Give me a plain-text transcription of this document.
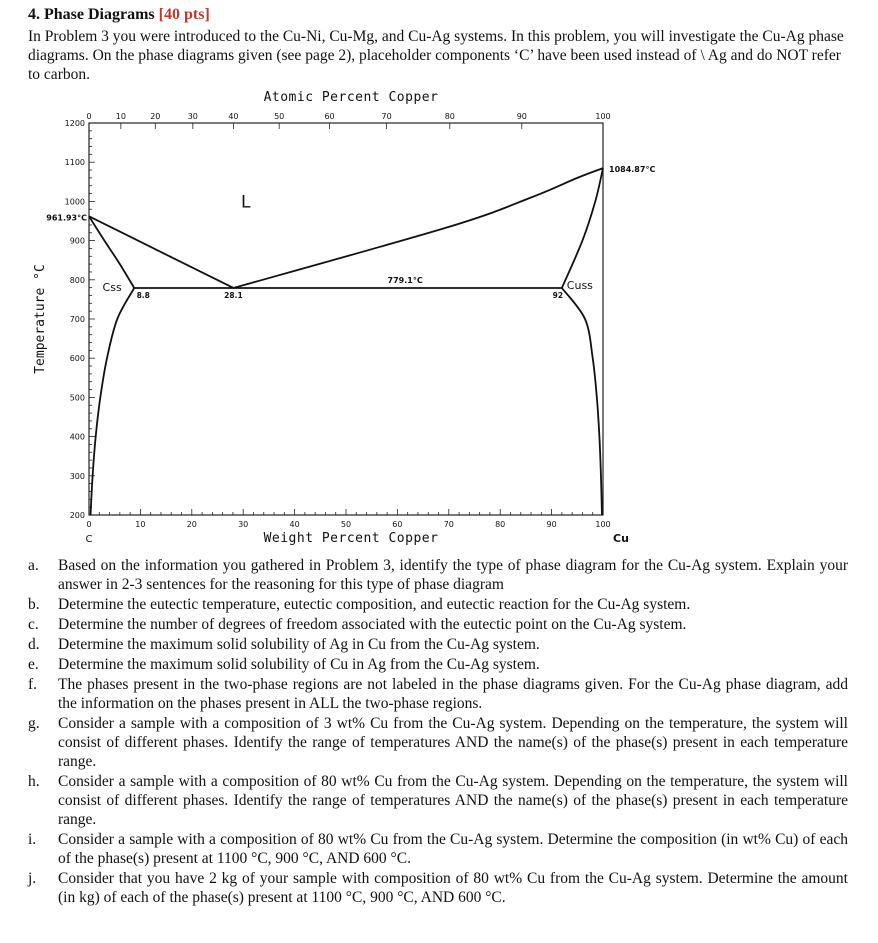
4. Phase Diagrams [40 pts]
In Problem 3 you were introduced to the Cu-Ni, Cu-Mg, and Cu-Ag systems. In this problem, you will investigate the Cu-Ag phase diagrams. On the phase diagrams given (see page 2), placeholder components ‘C’ have been used instead of \ Ag and do NOT refer to carbon.
0	10	20	30	40	50	60	70	80	90	100
0	10	20	30	40	50	60	70	80	90	100
200
300
400
500
600
700
800
900
1000
1100
1200
Atomic Percent Copper
Weight Percent Copper
Temperature °C
C	Cu
L
961.93°C
1084.87°C
779.1°C
Css	Cuss
8.8	28.1	92
a. Based on the information you gathered in Problem 3, identify the type of phase diagram for the Cu-Ag system. Explain your answer in 2-3 sentences for the reasoning for this type of phase diagram
b. Determine the eutectic temperature, eutectic composition, and eutectic reaction for the Cu-Ag system.
c. Determine the number of degrees of freedom associated with the eutectic point on the Cu-Ag system.
d. Determine the maximum solid solubility of Ag in Cu from the Cu-Ag system.
e. Determine the maximum solid solubility of Cu in Ag from the Cu-Ag system.
f. The phases present in the two-phase regions are not labeled in the phase diagrams given. For the Cu-Ag phase diagram, add the information on the phases present in ALL the two-phase regions.
g. Consider a sample with a composition of 3 wt% Cu from the Cu-Ag system. Depending on the temperature, the system will consist of different phases. Identify the range of temperatures AND the name(s) of the phase(s) present in each temperature range.
h. Consider a sample with a composition of 80 wt% Cu from the Cu-Ag system. Depending on the temperature, the system will consist of different phases. Identify the range of temperatures AND the name(s) of the phase(s) present in each temperature range.
i. Consider a sample with a composition of 80 wt% Cu from the Cu-Ag system. Determine the composition (in wt% Cu) of each of the phase(s) present at 1100 °C, 900 °C, AND 600 °C.
j. Consider that you have 2 kg of your sample with composition of 80 wt% Cu from the Cu-Ag system. Determine the amount (in kg) of each of the phase(s) present at 1100 °C, 900 °C, AND 600 °C.
